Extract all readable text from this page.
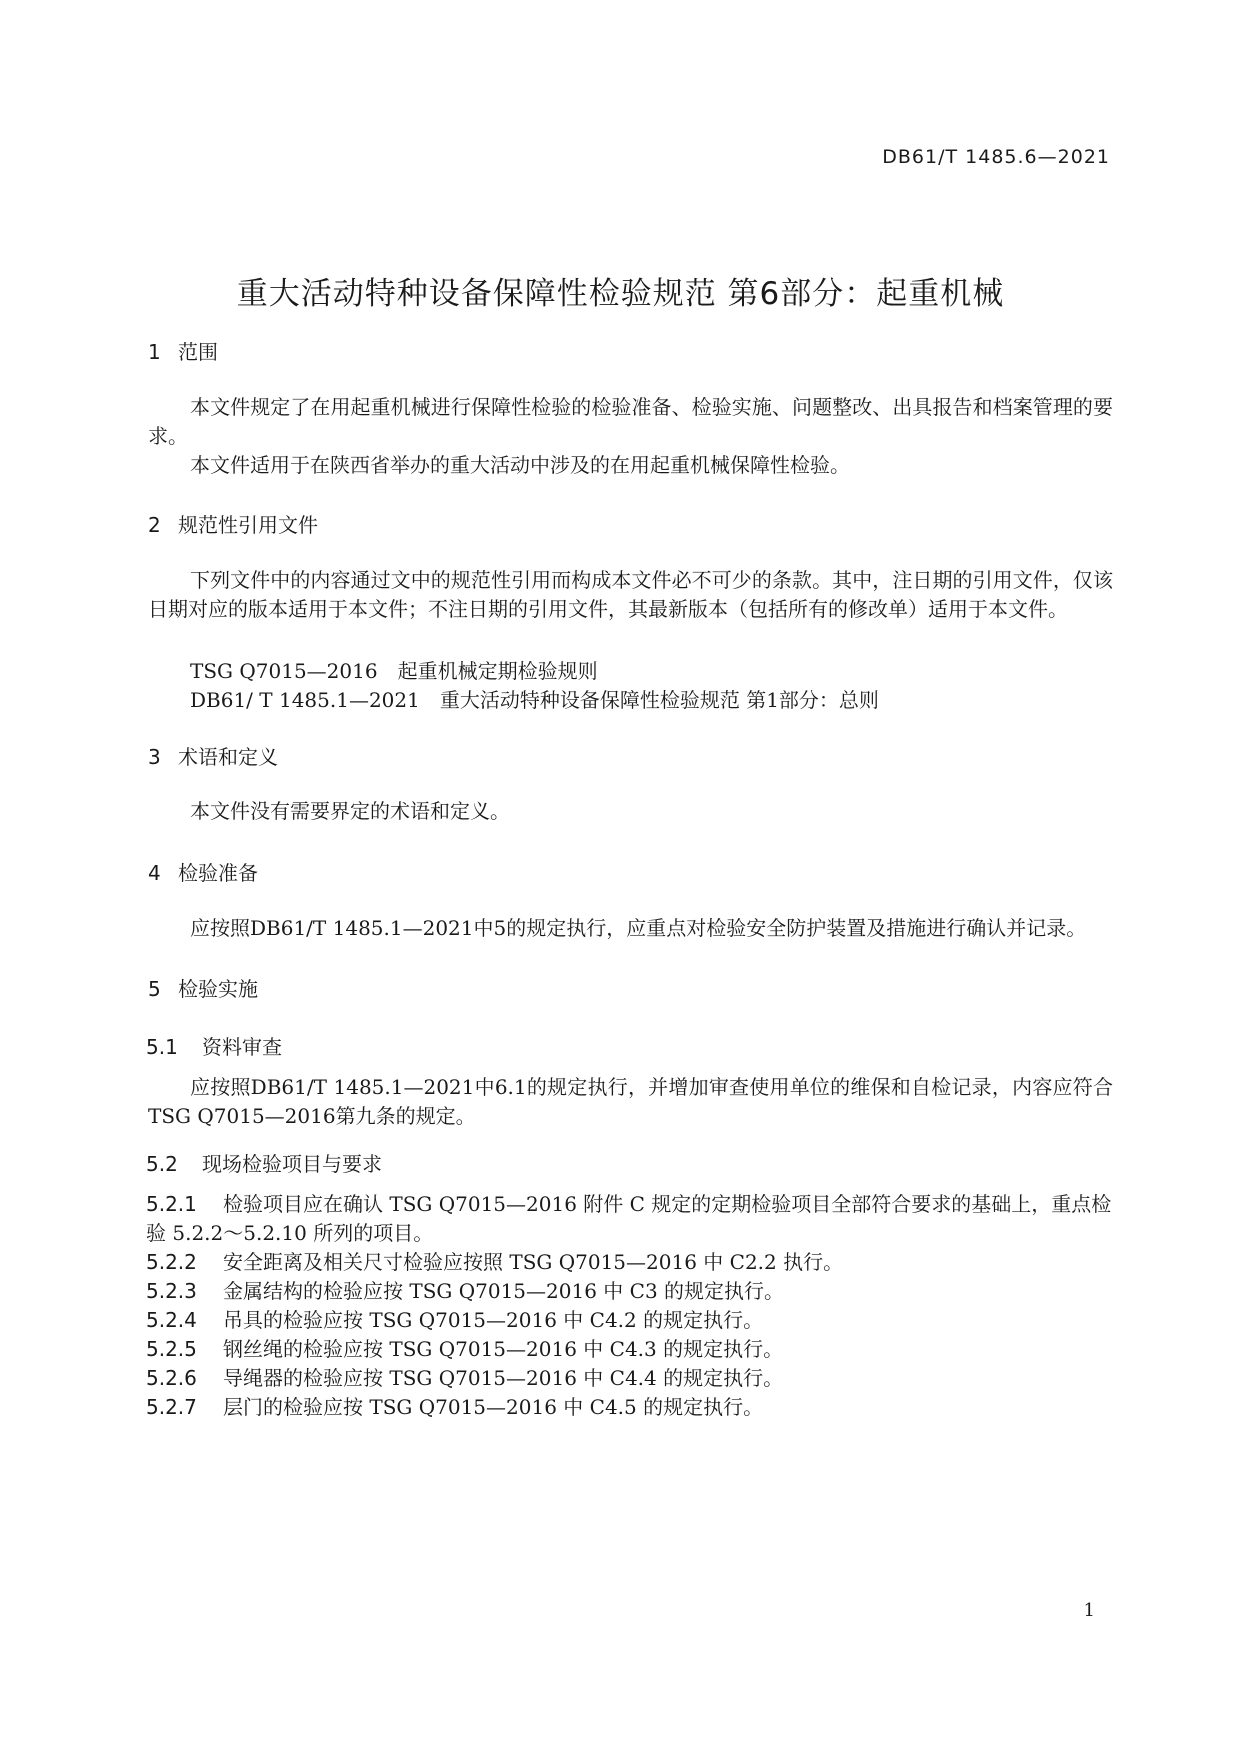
DB61/T 1485.6—2021
重大活动特种设备保障性检验规范 第6部分：起重机械
1 范围
本文件规定了在用起重机械进行保障性检验的检验准备、检验实施、问题整改、出具报告和档案管理的要求。
本文件适用于在陕西省举办的重大活动中涉及的在用起重机械保障性检验。
2 规范性引用文件
下列文件中的内容通过文中的规范性引用而构成本文件必不可少的条款。其中，注日期的引用文件，仅该日期对应的版本适用于本文件；不注日期的引用文件，其最新版本（包括所有的修改单）适用于本文件。
TSG Q7015—2016　起重机械定期检验规则
DB61/ T 1485.1—2021　重大活动特种设备保障性检验规范 第1部分：总则
3 术语和定义
本文件没有需要界定的术语和定义。
4 检验准备
应按照DB61/T 1485.1—2021中5的规定执行，应重点对检验安全防护装置及措施进行确认并记录。
5 检验实施
5.1 资料审查
应按照DB61/T 1485.1—2021中6.1的规定执行，并增加审查使用单位的维保和自检记录，内容应符合TSG Q7015—2016第九条的规定。
5.2 现场检验项目与要求
5.2.1 检验项目应在确认 TSG Q7015—2016 附件 C 规定的定期检验项目全部符合要求的基础上，重点检验 5.2.2～5.2.10 所列的项目。
5.2.2 安全距离及相关尺寸检验应按照 TSG Q7015—2016 中 C2.2 执行。
5.2.3 金属结构的检验应按 TSG Q7015—2016 中 C3 的规定执行。
5.2.4 吊具的检验应按 TSG Q7015—2016 中 C4.2 的规定执行。
5.2.5 钢丝绳的检验应按 TSG Q7015—2016 中 C4.3 的规定执行。
5.2.6 导绳器的检验应按 TSG Q7015—2016 中 C4.4 的规定执行。
5.2.7 层门的检验应按 TSG Q7015—2016 中 C4.5 的规定执行。
1
